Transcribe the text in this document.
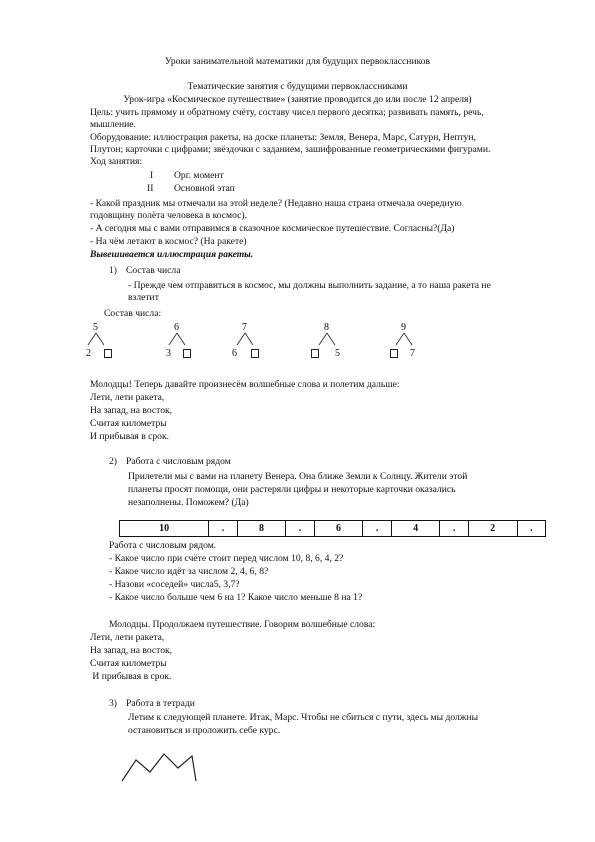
Уроки занимательной математики для будущих первоклассников
Тематические занятия с будущими первоклассниками
Урок-игра «Космическое путешествие» (занятие проводится до или после 12 апреля)
Цель: учить прямому и обратному счёту, составу чисел первого десятка; развивать память, речь,
мышление.
Оборудование: иллюстрация ракеты, на доске планеты: Земля, Венера, Марс, Сатурн, Нептун,
Плутон; карточки с цифрами; звёздочки с заданием, зашифрованные геометрическими фигурами.
Ход занятия:
I Орг. момент
II Основной этап
- Какой праздник мы отмечали на этой неделе? (Недавно наша страна отмечала очередную
годовщину полёта человека в космос).
- А сегодня мы с вами отправимся в сказочное космическое путешествие. Согласны?(Да)
- На чём летают в космос? (На ракете)
Вывешивается иллюстрация ракеты.
1) Состав числа
- Прежде чем отправиться в космос, мы должны выполнить задание, а то наша ракета не
взлетит
Состав числа:
5
2
6
3
7
6
8
5
9
7
Молодцы! Теперь давайте произнесём волшебные слова и полетим дальше:
Лети, лети ракета,
На запад, на восток,
Считая километры
И прибывая в срок.
2) Работа с числовым рядом
Прилетели мы с вами на планету Венера. Она ближе Земли к Солнцу. Жители этой
планеты просят помощи, они растеряли цифры и некоторые карточки оказались
незаполнены. Поможем? (Да)
10	.	8	.	6	.	4	.	2	.
Работа с числовым рядом.
- Какое число при счёте стоит перед числом 10, 8, 6, 4, 2?
- Какое число идёт за числом 2, 4, 6, 8?
- Назови «соседей» числа5, 3,7?
- Какое число больше чем 6 на 1? Какое число меньше 8 на 1?
Молодцы. Продолжаем путешествие. Говорим волшебные слова:
Лети, лети ракета,
На запад, на восток,
Считая километры
И прибывая в срок.
3) Работа в тетради
Летим к следующей планете. Итак, Марс. Чтобы не сбиться с пути, здесь мы должны
остановиться и проложить себе курс.
